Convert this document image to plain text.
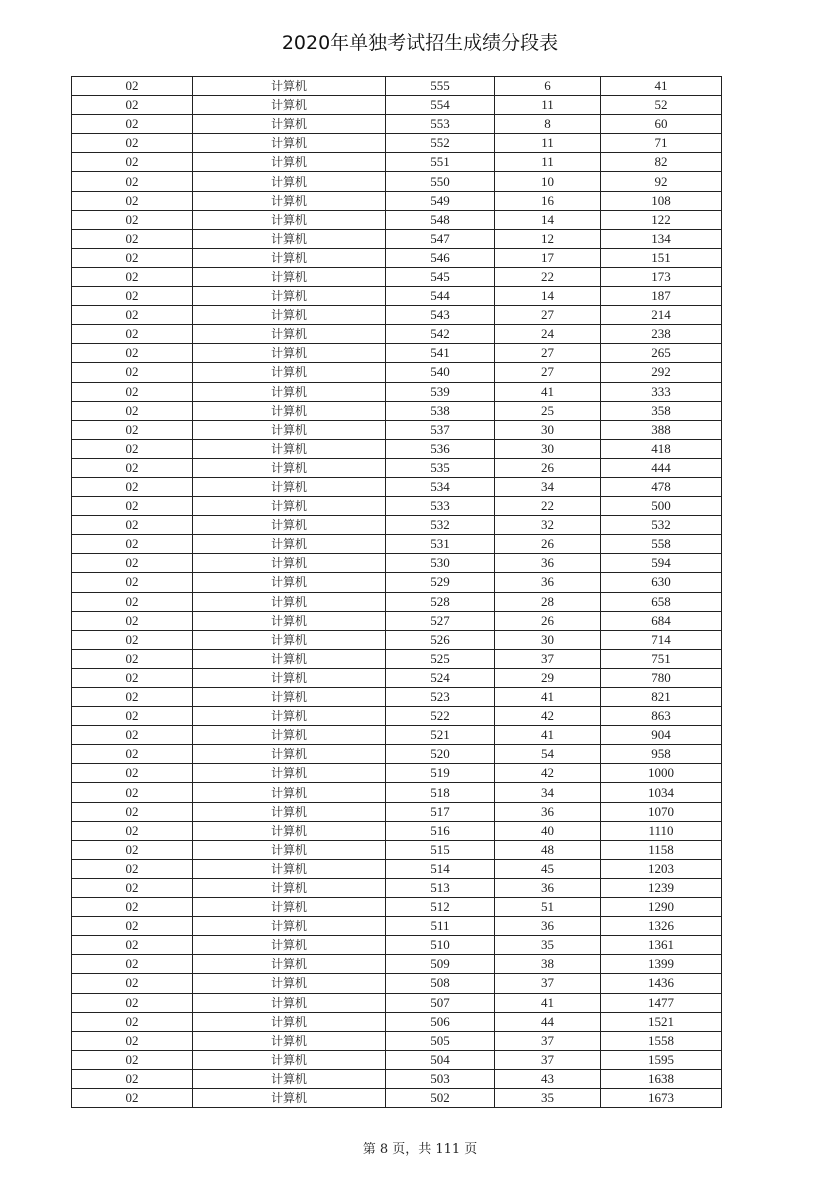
2020年单独考试招生成绩分段表
02	计算机	555	6	41
02	计算机	554	11	52
02	计算机	553	8	60
02	计算机	552	11	71
02	计算机	551	11	82
02	计算机	550	10	92
02	计算机	549	16	108
02	计算机	548	14	122
02	计算机	547	12	134
02	计算机	546	17	151
02	计算机	545	22	173
02	计算机	544	14	187
02	计算机	543	27	214
02	计算机	542	24	238
02	计算机	541	27	265
02	计算机	540	27	292
02	计算机	539	41	333
02	计算机	538	25	358
02	计算机	537	30	388
02	计算机	536	30	418
02	计算机	535	26	444
02	计算机	534	34	478
02	计算机	533	22	500
02	计算机	532	32	532
02	计算机	531	26	558
02	计算机	530	36	594
02	计算机	529	36	630
02	计算机	528	28	658
02	计算机	527	26	684
02	计算机	526	30	714
02	计算机	525	37	751
02	计算机	524	29	780
02	计算机	523	41	821
02	计算机	522	42	863
02	计算机	521	41	904
02	计算机	520	54	958
02	计算机	519	42	1000
02	计算机	518	34	1034
02	计算机	517	36	1070
02	计算机	516	40	1110
02	计算机	515	48	1158
02	计算机	514	45	1203
02	计算机	513	36	1239
02	计算机	512	51	1290
02	计算机	511	36	1326
02	计算机	510	35	1361
02	计算机	509	38	1399
02	计算机	508	37	1436
02	计算机	507	41	1477
02	计算机	506	44	1521
02	计算机	505	37	1558
02	计算机	504	37	1595
02	计算机	503	43	1638
02	计算机	502	35	1673
第 8 页，共 111 页
